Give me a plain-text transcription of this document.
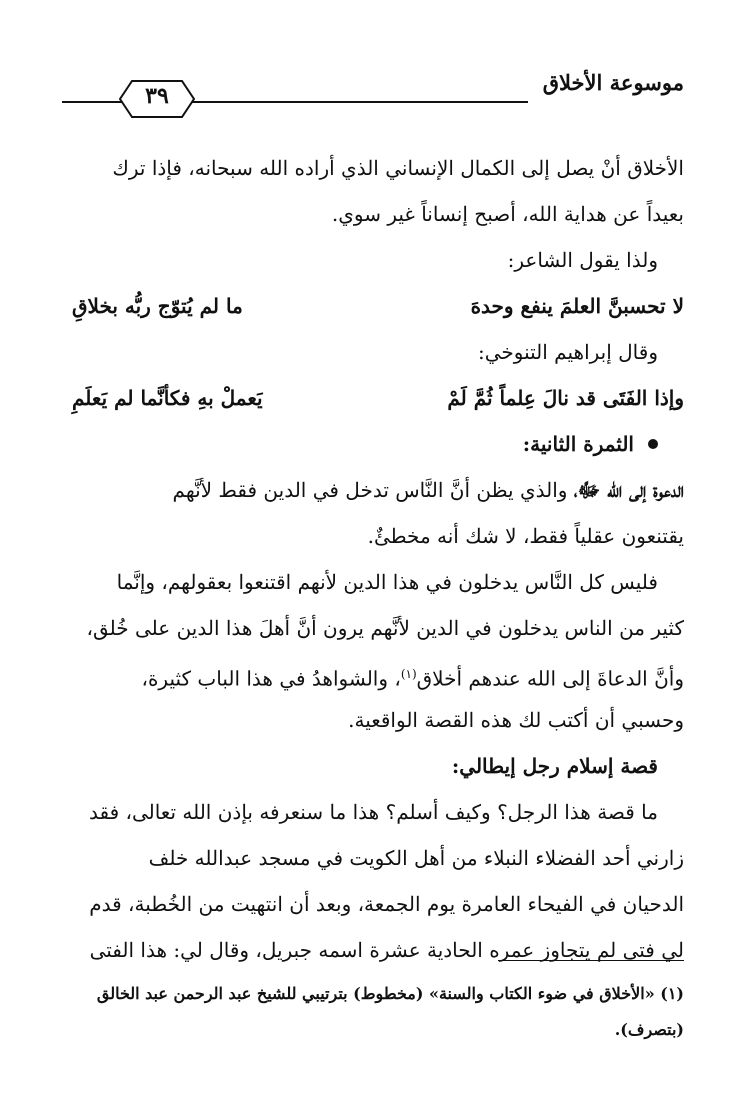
موسوعة الأخلاق
٣٩
الأخلاق أنْ يصل إلى الكمال الإنساني الذي أراده الله سبحانه، فإذا ترك
بعيداً عن هداية الله، أصبح إنساناً غير سوي.
ولذا يقول الشاعر:
لا تحسبنَّ العلمَ ينفع وحدهَ
ما لم يُتوّج ربُّه بخلاقِ
وقال إبراهيم التنوخي:
وإذا الفَتَى قد نالَ عِلماً ثُمَّ لَمْ
يَعملْ بهِ فكأنَّما لم يَعلَمِ
الثمرة الثانية:
الدعوة إلى الله ﷻ، والذي يظن أنَّ النَّاس تدخل في الدين فقط لأنَّهم
يقتنعون عقلياً فقط، لا شك أنه مخطئٌ.
فليس كل النَّاس يدخلون في هذا الدين لأنهم اقتنعوا بعقولهم، وإنَّما
كثير من الناس يدخلون في الدين لأنَّهم يرون أنَّ أهلَ هذا الدين على خُلق،
وأنَّ الدعاةَ إلى الله عندهم أخلاق$^{(١)}$، والشواهدُ في هذا الباب كثيرة،
وحسبي أن أكتب لك هذه القصة الواقعية.
قصة إسلام رجل إيطالي:
ما قصة هذا الرجل؟ وكيف أسلم؟ هذا ما سنعرفه بإذن الله تعالى، فقد
زارني أحد الفضلاء النبلاء من أهل الكويت في مسجد عبدالله خلف
الدحيان في الفيحاء العامرة يوم الجمعة، وبعد أن انتهيت من الخُطبة، قدم
لي فتى لم يتجاوز عمره الحادية عشرة اسمه جبريل، وقال لي: هذا الفتى
(١) «الأخلاق في ضوء الكتاب والسنة» (مخطوط) بترتيبي للشيخ عبد الرحمن عبد الخالق
(بتصرف).
